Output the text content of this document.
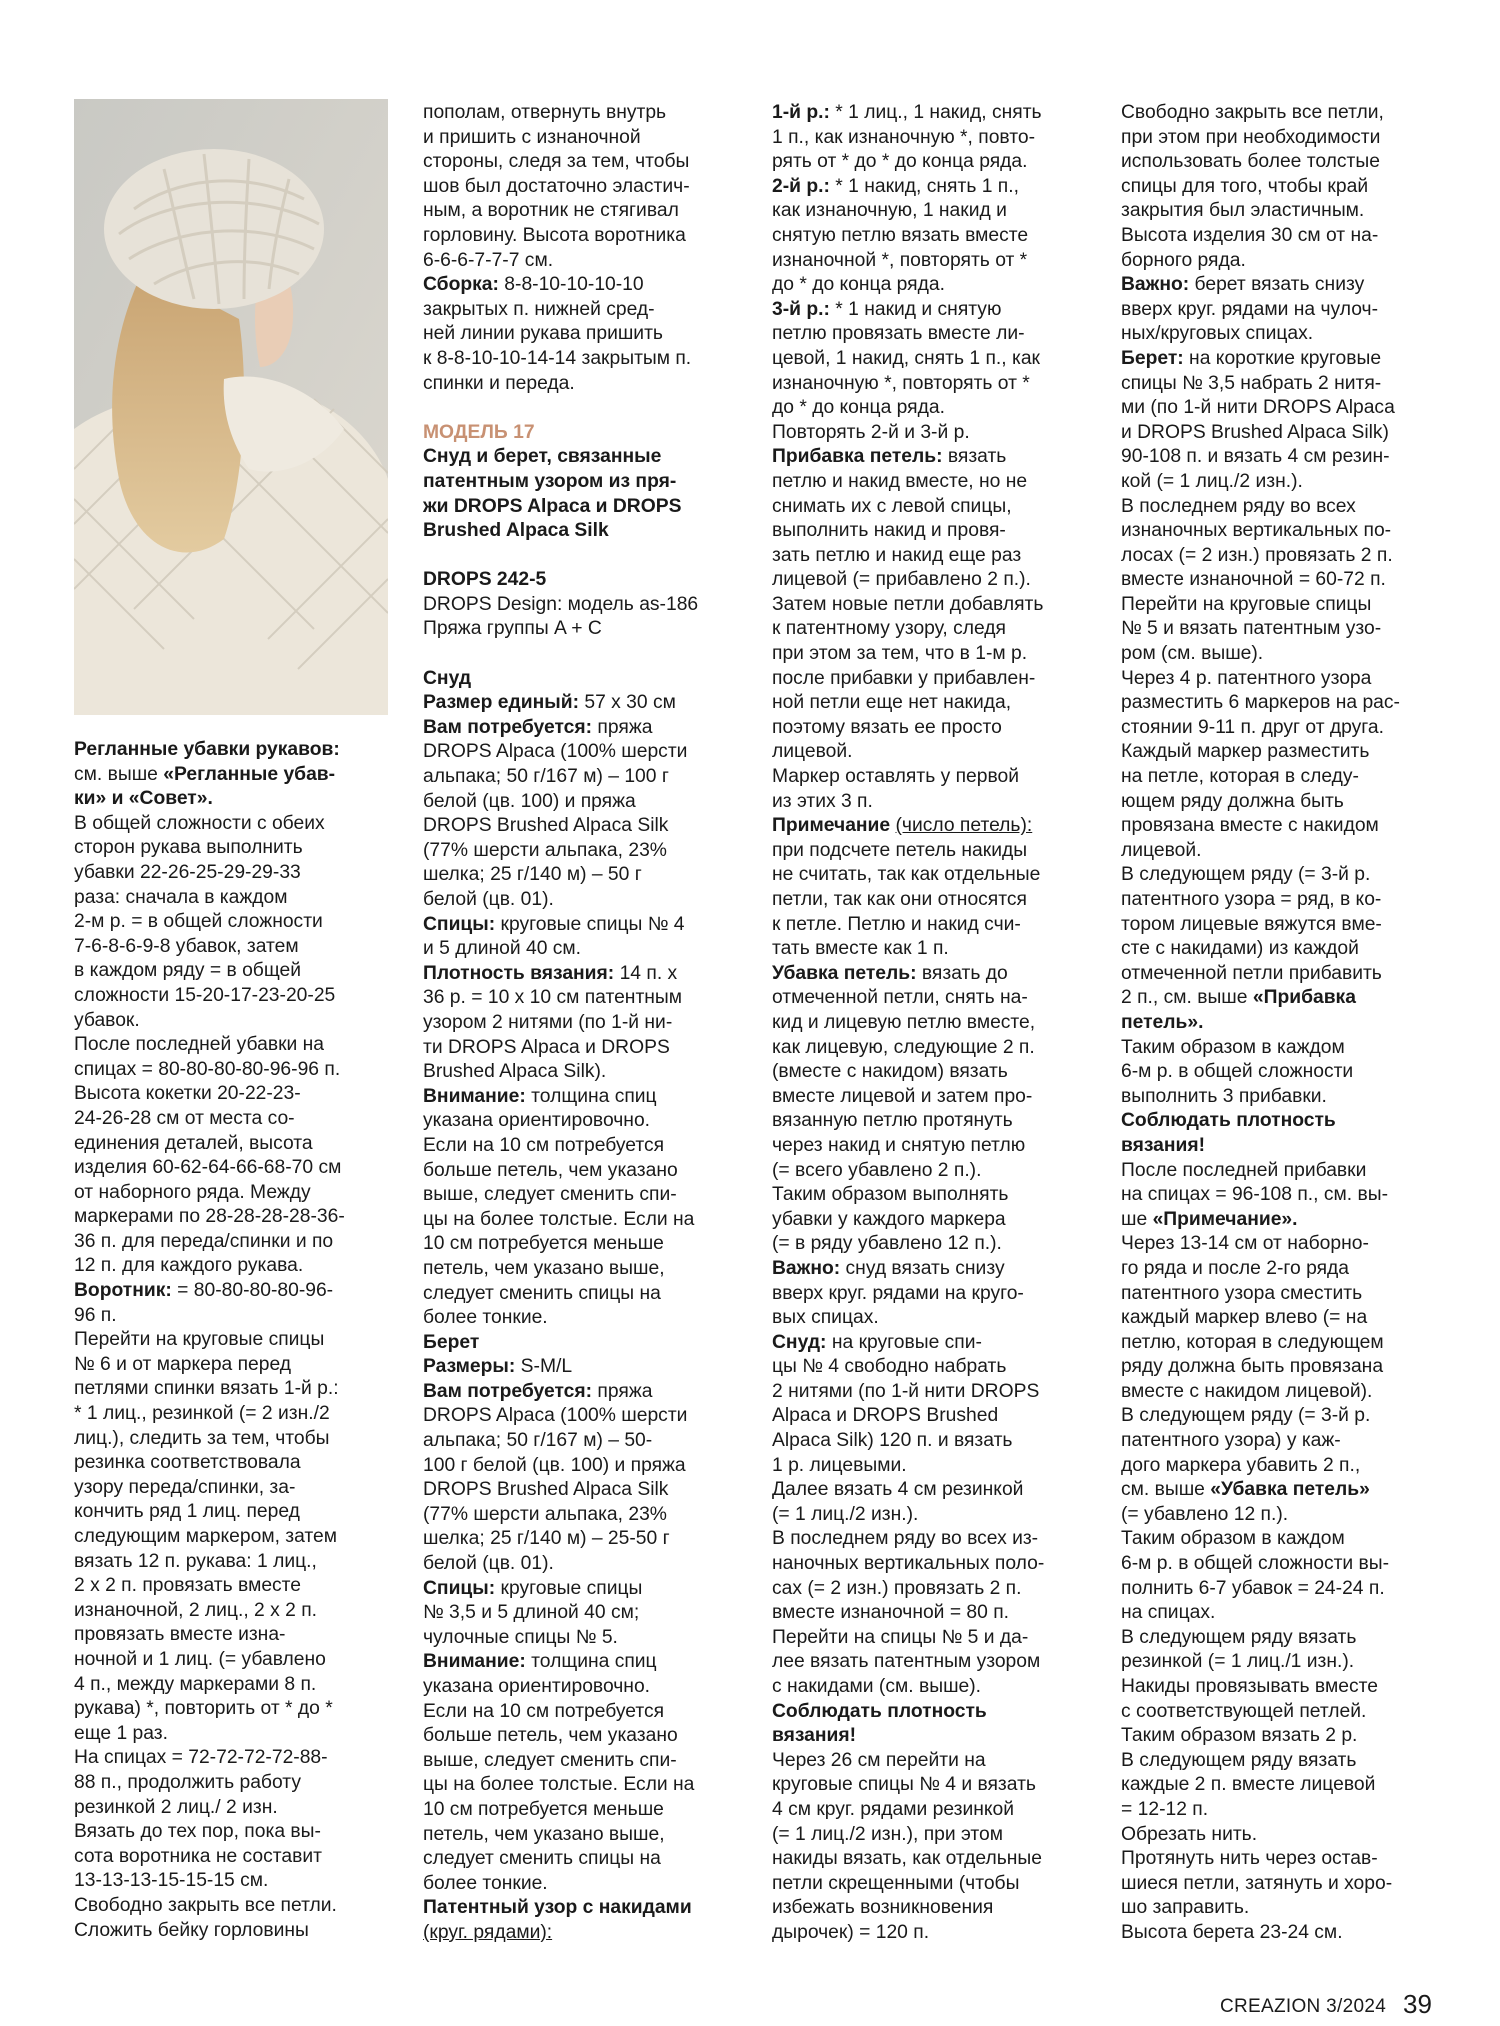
Регланные убавки рукавов:

см. выше «Регланные убав-

ки» и «Совет».

В общей сложности с обеих

сторон рукава выполнить

убавки 22-26-25-29-29-33

раза: сначала в каждом

2-м р. = в общей сложности

7-6-8-6-9-8 убавок, затем

в каждом ряду = в общей

сложности 15-20-17-23-20-25

убавок.

После последней убавки на

спицах = 80-80-80-80-96-96 п.

Высота кокетки 20-22-23-

24-26-28 см от места со-

единения деталей, высота

изделия 60-62-64-66-68-70 см

от наборного ряда. Между

маркерами по 28-28-28-28-36-

36 п. для переда/спинки и по

12 п. для каждого рукава.

Воротник: = 80-80-80-80-96-

96 п.

Перейти на круговые спицы

№ 6 и от маркера перед

петлями спинки вязать 1-й р.:

* 1 лиц., резинкой (= 2 изн./2

лиц.), следить за тем, чтобы

резинка соответствовала

узору переда/спинки, за-

кончить ряд 1 лиц. перед

следующим маркером, затем

вязать 12 п. рукава: 1 лиц.,

2 х 2 п. провязать вместе

изнаночной, 2 лиц., 2 х 2 п.

провязать вместе изна-

ночной и 1 лиц. (= убавлено

4 п., между маркерами 8 п.

рукава) *, повторить от * до *

еще 1 раз.

На спицах = 72-72-72-72-88-

88 п., продолжить работу

резинкой 2 лиц./ 2 изн.

Вязать до тех пор, пока вы-

сота воротника не составит

13-13-13-15-15-15 см.

Свободно закрыть все петли.

Сложить бейку горловины

пополам, отвернуть внутрь

и пришить с изнаночной

стороны, следя за тем, чтобы

шов был достаточно эластич-

ным, а воротник не стягивал

горловину. Высота воротника

6-6-6-7-7-7 см.

Сборка: 8-8-10-10-10-10

закрытых п. нижней сред-

ней линии рукава пришить

к 8-8-10-10-14-14 закрытым п.

спинки и переда.

МОДЕЛЬ 17

Снуд и берет, связанные

патентным узором из пря-

жи DROPS Alpaca и DROPS

Brushed Alpaca Silk

DROPS 242-5

DROPS Design: модель as-186

Пряжа группы A + C

Снуд

Размер единый: 57 х 30 см

Вам потребуется: пряжа

DROPS Alpaca (100% шерсти

альпака; 50 г/167 м) – 100 г

белой (цв. 100) и пряжа

DROPS Brushed Alpaca Silk

(77% шерсти альпака, 23%

шелка; 25 г/140 м) – 50 г

белой (цв. 01).

Спицы: круговые спицы № 4

и 5 длиной 40 см.

Плотность вязания: 14 п. х

36 р. = 10 х 10 см патентным

узором 2 нитями (по 1-й ни-

ти DROPS Alpaca и DROPS

Brushed Alpaca Silk).

Внимание: толщина спиц

указана ориентировочно.

Если на 10 см потребуется

больше петель, чем указано

выше, следует сменить спи-

цы на более толстые. Если на

10 см потребуется меньше

петель, чем указано выше,

следует сменить спицы на

более тонкие.

Берет

Размеры: S-M/L

Вам потребуется: пряжа

DROPS Alpaca (100% шерсти

альпака; 50 г/167 м) – 50-

100 г белой (цв. 100) и пряжа

DROPS Brushed Alpaca Silk

(77% шерсти альпака, 23%

шелка; 25 г/140 м) – 25-50 г

белой (цв. 01).

Спицы: круговые спицы

№ 3,5 и 5 длиной 40 см;

чулочные спицы № 5.

Внимание: толщина спиц

указана ориентировочно.

Если на 10 см потребуется

больше петель, чем указано

выше, следует сменить спи-

цы на более толстые. Если на

10 см потребуется меньше

петель, чем указано выше,

следует сменить спицы на

более тонкие.

Патентный узор с накидами

(круг. рядами):

1-й р.: * 1 лиц., 1 накид, снять

1 п., как изнаночную *, повто-

рять от * до * до конца ряда.

2-й р.: * 1 накид, снять 1 п.,

как изнаночную, 1 накид и

снятую петлю вязать вместе

изнаночной *, повторять от *

до * до конца ряда.

3-й р.: * 1 накид и снятую

петлю провязать вместе ли-

цевой, 1 накид, снять 1 п., как

изнаночную *, повторять от *

до * до конца ряда.

Повторять 2-й и 3-й р.

Прибавка петель: вязать

петлю и накид вместе, но не

снимать их с левой спицы,

выполнить накид и провя-

зать петлю и накид еще раз

лицевой (= прибавлено 2 п.).

Затем новые петли добавлять

к патентному узору, следя

при этом за тем, что в 1-м р.

после прибавки у прибавлен-

ной петли еще нет накида,

поэтому вязать ее просто

лицевой.

Маркер оставлять у первой

из этих 3 п.

Примечание (число петель):

при подсчете петель накиды

не считать, так как отдельные

петли, так как они относятся

к петле. Петлю и накид счи-

тать вместе как 1 п.

Убавка петель: вязать до

отмеченной петли, снять на-

кид и лицевую петлю вместе,

как лицевую, следующие 2 п.

(вместе с накидом) вязать

вместе лицевой и затем про-

вязанную петлю протянуть

через накид и снятую петлю

(= всего убавлено 2 п.).

Таким образом выполнять

убавки у каждого маркера

(= в ряду убавлено 12 п.).

Важно: снуд вязать снизу

вверх круг. рядами на круго-

вых спицах.

Снуд: на круговые спи-

цы № 4 свободно набрать

2 нитями (по 1-й нити DROPS

Alpaca и DROPS Brushed

Alpaca Silk) 120 п. и вязать

1 р. лицевыми.

Далее вязать 4 см резинкой

(= 1 лиц./2 изн.).

В последнем ряду во всех из-

наночных вертикальных поло-

сах (= 2 изн.) провязать 2 п.

вместе изнаночной = 80 п.

Перейти на спицы № 5 и да-

лее вязать патентным узором

с накидами (см. выше).

Соблюдать плотность

вязания!

Через 26 см перейти на

круговые спицы № 4 и вязать

4 см круг. рядами резинкой

(= 1 лиц./2 изн.), при этом

накиды вязать, как отдельные

петли скрещенными (чтобы

избежать возникновения

дырочек) = 120 п.

Свободно закрыть все петли,

при этом при необходимости

использовать более толстые

спицы для того, чтобы край

закрытия был эластичным.

Высота изделия 30 см от на-

борного ряда.

Важно: берет вязать снизу

вверх круг. рядами на чулоч-

ных/круговых спицах.

Берет: на короткие круговые

спицы № 3,5 набрать 2 нитя-

ми (по 1-й нити DROPS Alpaca

и DROPS Brushed Alpaca Silk)

90-108 п. и вязать 4 см резин-

кой (= 1 лиц./2 изн.).

В последнем ряду во всех

изнаночных вертикальных по-

лосах (= 2 изн.) провязать 2 п.

вместе изнаночной = 60-72 п.

Перейти на круговые спицы

№ 5 и вязать патентным узо-

ром (см. выше).

Через 4 р. патентного узора

разместить 6 маркеров на рас-

стоянии 9-11 п. друг от друга.

Каждый маркер разместить

на петле, которая в следу-

ющем ряду должна быть

провязана вместе с накидом

лицевой.

В следующем ряду (= 3-й р.

патентного узора = ряд, в ко-

тором лицевые вяжутся вме-

сте с накидами) из каждой

отмеченной петли прибавить

2 п., см. выше «Прибавка

петель».

Таким образом в каждом

6-м р. в общей сложности

выполнить 3 прибавки.

Соблюдать плотность

вязания!

После последней прибавки

на спицах = 96-108 п., см. вы-

ше «Примечание».

Через 13-14 см от наборно-

го ряда и после 2-го ряда

патентного узора сместить

каждый маркер влево (= на

петлю, которая в следующем

ряду должна быть провязана

вместе с накидом лицевой).

В следующем ряду (= 3-й р.

патентного узора) у каж-

дого маркера убавить 2 п.,

см. выше «Убавка петель»

(= убавлено 12 п.).

Таким образом в каждом

6-м р. в общей сложности вы-

полнить 6-7 убавок = 24-24 п.

на спицах.

В следующем ряду вязать

резинкой (= 1 лиц./1 изн.).

Накиды провязывать вместе

с соответствующей петлей.

Таким образом вязать 2 р.

В следующем ряду вязать

каждые 2 п. вместе лицевой

= 12-12 п.

Обрезать нить.

Протянуть нить через остав-

шиеся петли, затянуть и хоро-

шо заправить.

Высота берета 23-24 см.

CREAZION 3/2024 39
